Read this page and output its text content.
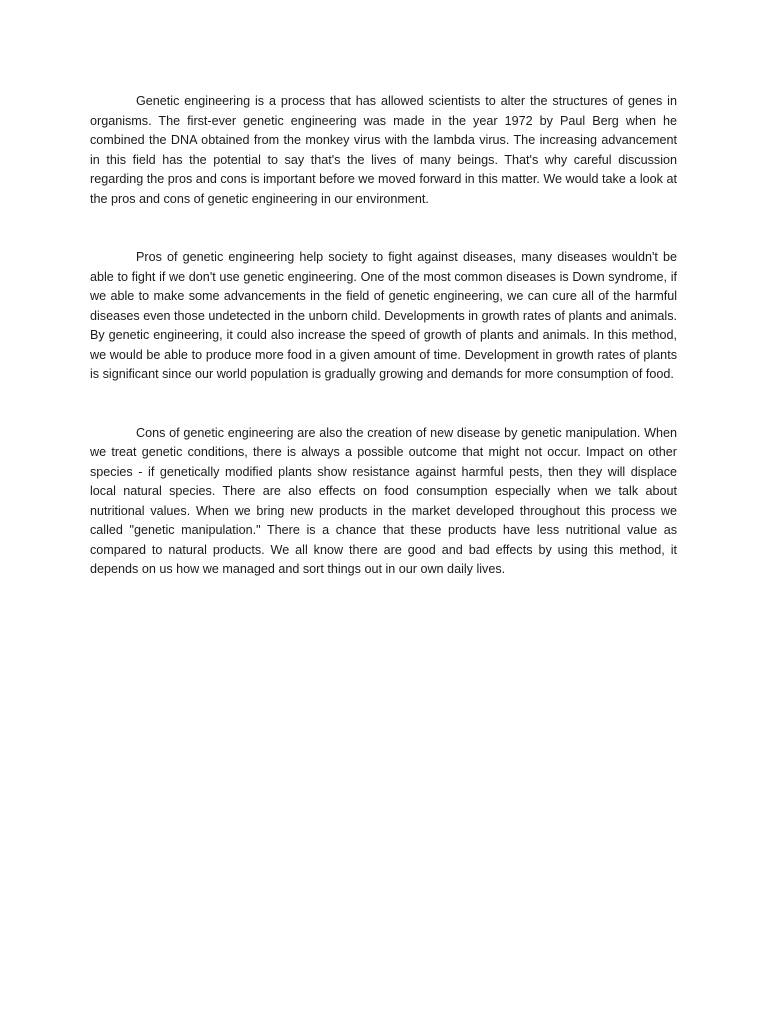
Genetic engineering is a process that has allowed scientists to alter the structures of genes in organisms. The first-ever genetic engineering was made in the year 1972 by Paul Berg when he combined the DNA obtained from the monkey virus with the lambda virus. The increasing advancement in this field has the potential to say that's the lives of many beings. That's why careful discussion regarding the pros and cons is important before we moved forward in this matter. We would take a look at the pros and cons of genetic engineering in our environment.

Pros of genetic engineering help society to fight against diseases, many diseases wouldn't be able to fight if we don't use genetic engineering. One of the most common diseases is Down syndrome, if we able to make some advancements in the field of genetic engineering, we can cure all of the harmful diseases even those undetected in the unborn child. Developments in growth rates of plants and animals. By genetic engineering, it could also increase the speed of growth of plants and animals. In this method, we would be able to produce more food in a given amount of time. Development in growth rates of plants is significant since our world population is gradually growing and demands for more consumption of food.

Cons of genetic engineering are also the creation of new disease by genetic manipulation. When we treat genetic conditions, there is always a possible outcome that might not occur. Impact on other species - if genetically modified plants show resistance against harmful pests, then they will displace local natural species. There are also effects on food consumption especially when we talk about nutritional values. When we bring new products in the market developed throughout this process we called "genetic manipulation." There is a chance that these products have less nutritional value as compared to natural products. We all know there are good and bad effects by using this method, it depends on us how we managed and sort things out in our own daily lives.
